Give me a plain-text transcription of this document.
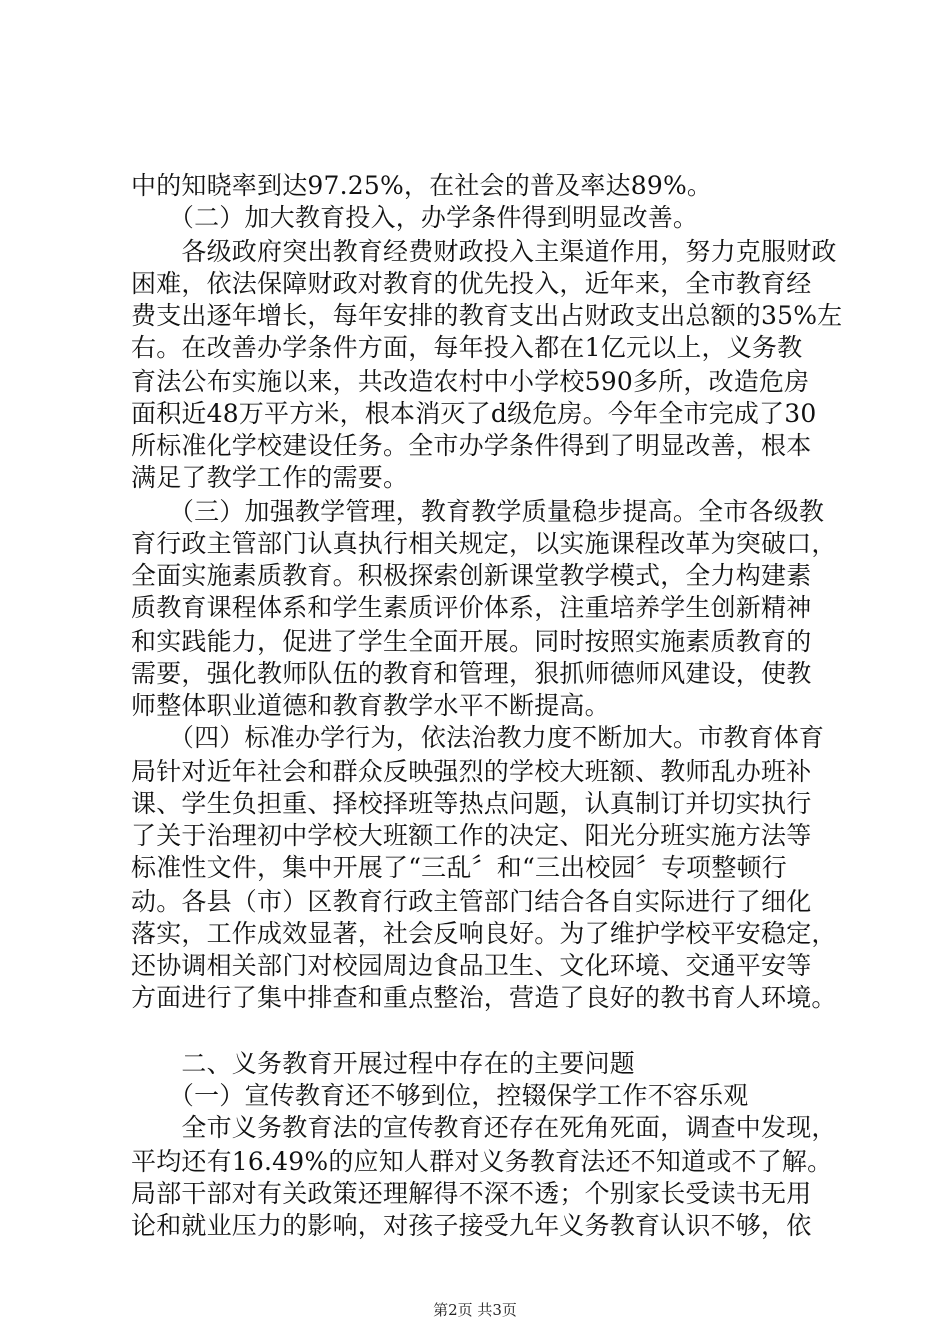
中的知晓率到达97.25%，在社会的普及率达89%。
　　（二）加大教育投入，办学条件得到明显改善。
　　各级政府突出教育经费财政投入主渠道作用，努力克服财政
困难，依法保障财政对教育的优先投入，近年来，全市教育经
费支出逐年增长，每年安排的教育支出占财政支出总额的35%左
右。在改善办学条件方面，每年投入都在1亿元以上，义务教
育法公布实施以来，共改造农村中小学校590多所，改造危房
面积近48万平方米，根本消灭了d级危房。今年全市完成了30
所标准化学校建设任务。全市办学条件得到了明显改善，根本
满足了教学工作的需要。
　　（三）加强教学管理，教育教学质量稳步提高。全市各级教
育行政主管部门认真执行相关规定，以实施课程改革为突破口，
全面实施素质教育。积极探索创新课堂教学模式，全力构建素
质教育课程体系和学生素质评价体系，注重培养学生创新精神
和实践能力，促进了学生全面开展。同时按照实施素质教育的
需要，强化教师队伍的教育和管理，狠抓师德师风建设，使教
师整体职业道德和教育教学水平不断提高。
　　（四）标准办学行为，依法治教力度不断加大。市教育体育
局针对近年社会和群众反映强烈的学校大班额、教师乱办班补
课、学生负担重、择校择班等热点问题，认真制订并切实执行
了关于治理初中学校大班额工作的决定、阳光分班实施方法等
标准性文件，集中开展了“三乱〞和“三出校园〞专项整顿行
动。各县（市）区教育行政主管部门结合各自实际进行了细化
落实，工作成效显著，社会反响良好。为了维护学校平安稳定，
还协调相关部门对校园周边食品卫生、文化环境、交通平安等
方面进行了集中排查和重点整治，营造了良好的教书育人环境。
　　二、义务教育开展过程中存在的主要问题
　　（一）宣传教育还不够到位，控辍保学工作不容乐观
　　全市义务教育法的宣传教育还存在死角死面，调查中发现，
平均还有16.49%的应知人群对义务教育法还不知道或不了解。
局部干部对有关政策还理解得不深不透；个别家长受读书无用
论和就业压力的影响，对孩子接受九年义务教育认识不够，依
第2页 共3页
